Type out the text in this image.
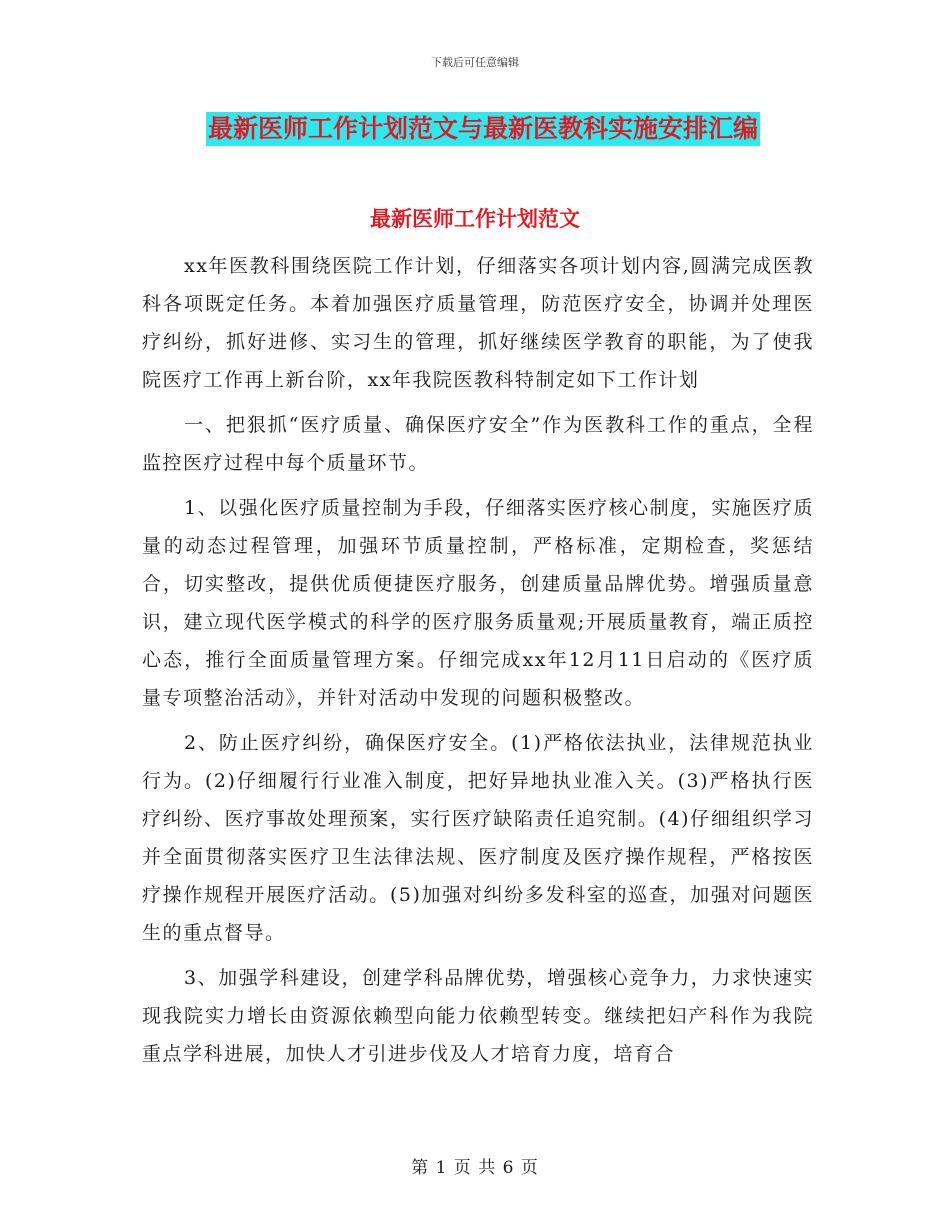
下载后可任意编辑
最新医师工作计划范文与最新医教科实施安排汇编
最新医师工作计划范文

xx年医教科围绕医院工作计划，仔细落实各项计划内容,圆满完成医教科各项既定任务。本着加强医疗质量管理，防范医疗安全，协调并处理医疗纠纷，抓好进修、实习生的管理，抓好继续医学教育的职能，为了使我院医疗工作再上新台阶，xx年我院医教科特制定如下工作计划

一、把狠抓“医疗质量、确保医疗安全”作为医教科工作的重点，全程监控医疗过程中每个质量环节。

1、以强化医疗质量控制为手段，仔细落实医疗核心制度，实施医疗质量的动态过程管理，加强环节质量控制，严格标准，定期检查，奖惩结合，切实整改，提供优质便捷医疗服务，创建质量品牌优势。增强质量意识，建立现代医学模式的科学的医疗服务质量观;开展质量教育，端正质控心态，推行全面质量管理方案。仔细完成xx年12月11日启动的《医疗质量专项整治活动》，并针对活动中发现的问题积极整改。

2、防止医疗纠纷，确保医疗安全。(1)严格依法执业，法律规范执业行为。(2)仔细履行行业准入制度，把好异地执业准入关。(3)严格执行医疗纠纷、医疗事故处理预案，实行医疗缺陷责任追究制。(4)仔细组织学习并全面贯彻落实医疗卫生法律法规、医疗制度及医疗操作规程，严格按医疗操作规程开展医疗活动。(5)加强对纠纷多发科室的巡查，加强对问题医生的重点督导。

3、加强学科建设，创建学科品牌优势，增强核心竞争力，力求快速实现我院实力增长由资源依赖型向能力依赖型转变。继续把妇产科作为我院重点学科进展，加快人才引进步伐及人才培育力度，培育合

第 1 页 共 6 页
